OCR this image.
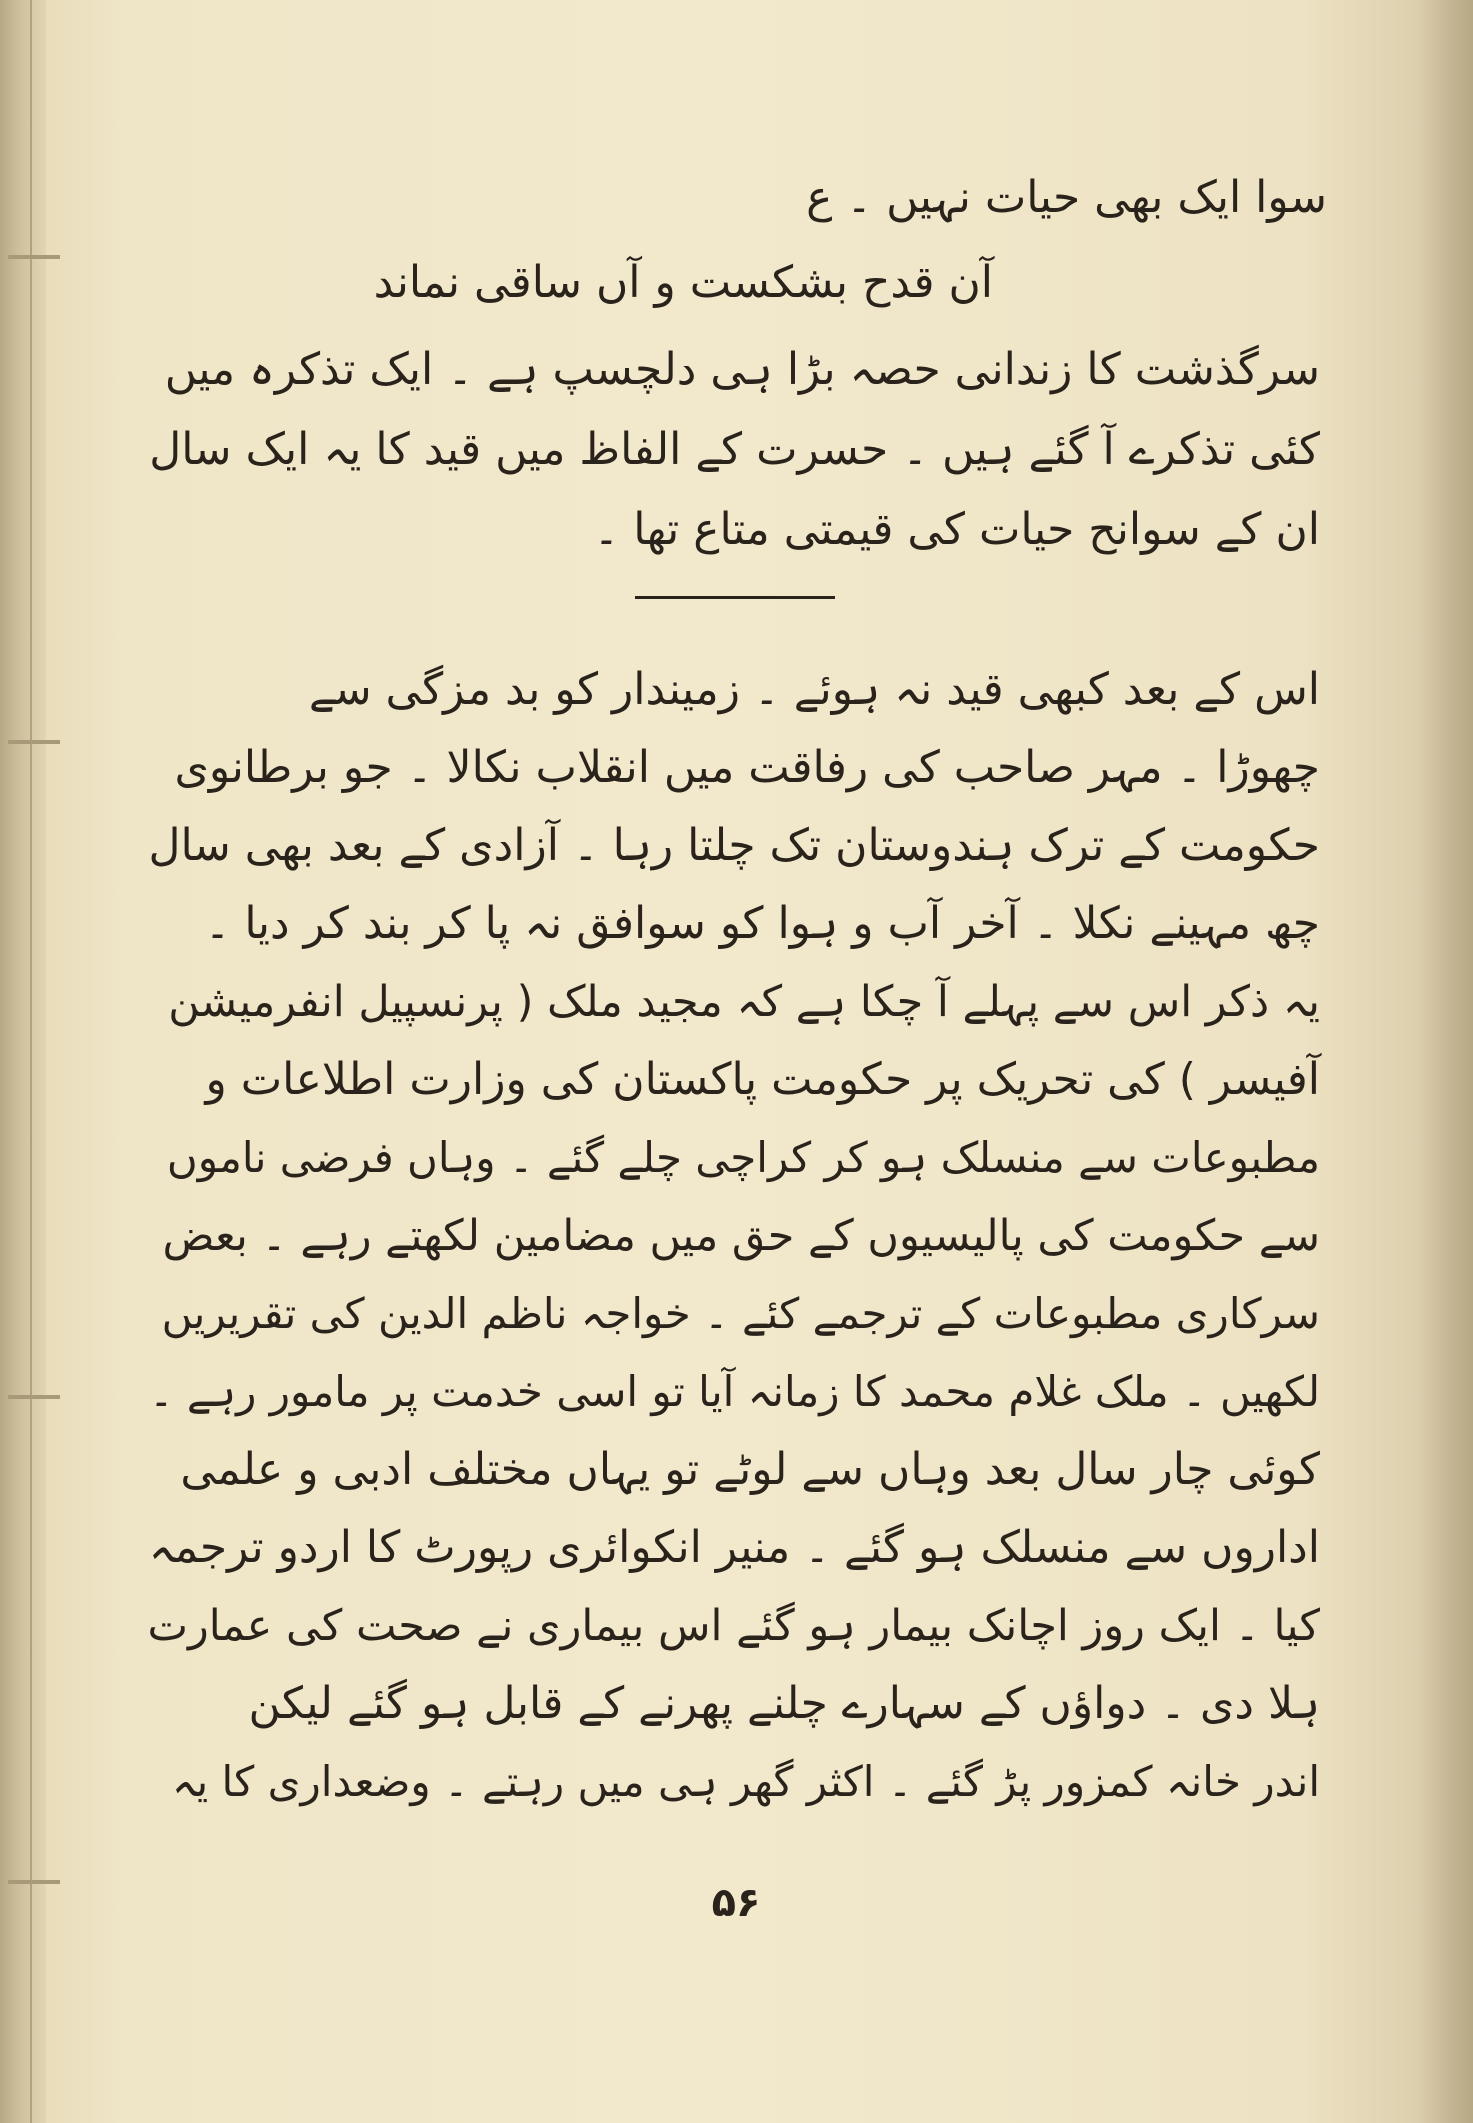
سوا ایک بھی حیات نہیں ۔ ع
آن قدح بشکست و آں ساقی نماند
سرگذشت کا زندانی حصہ بڑا ہی دلچسپ ہے ۔ ایک تذکرہ میں
کئی تذکرے آ گئے ہیں ۔ حسرت کے الفاظ میں قید کا یہ ایک سال
ان کے سوانح حیات کی قیمتی متاع تھا ۔
اس کے بعد کبھی قید نہ ہوئے ۔ زمیندار کو بد مزگی سے
چھوڑا ۔ مہر صاحب کی رفاقت میں انقلاب نکالا ۔ جو برطانوی
حکومت کے ترک ہندوستان تک چلتا رہا ۔ آزادی کے بعد بھی سال
چھ مہینے نکلا ۔ آخر آب و ہوا کو سوافق نہ پا کر بند کر دیا ۔
یہ ذکر اس سے پہلے آ چکا ہے کہ مجید ملک ( پرنسپیل انفرمیشن
آفیسر ) کی تحریک پر حکومت پاکستان کی وزارت اطلاعات و
مطبوعات سے منسلک ہو کر کراچی چلے گئے ۔ وہاں فرضی ناموں
سے حکومت کی پالیسیوں کے حق میں مضامین لکھتے رہے ۔ بعض
سرکاری مطبوعات کے ترجمے کئے ۔ خواجہ ناظم الدین کی تقریریں
لکھیں ۔ ملک غلام محمد کا زمانہ آیا تو اسی خدمت پر مامور رہے ۔
کوئی چار سال بعد وہاں سے لوٹے تو یہاں مختلف ادبی و علمی
اداروں سے منسلک ہو گئے ۔ منیر انکوائری رپورٹ کا اردو ترجمہ
کیا ۔ ایک روز اچانک بیمار ہو گئے اس بیماری نے صحت کی عمارت
ہلا دی ۔ دواؤں کے سہارے چلنے پھرنے کے قابل ہو گئے لیکن
اندر خانہ کمزور پڑ گئے ۔ اکثر گھر ہی میں رہتے ۔ وضعداری کا یہ
۵۶
